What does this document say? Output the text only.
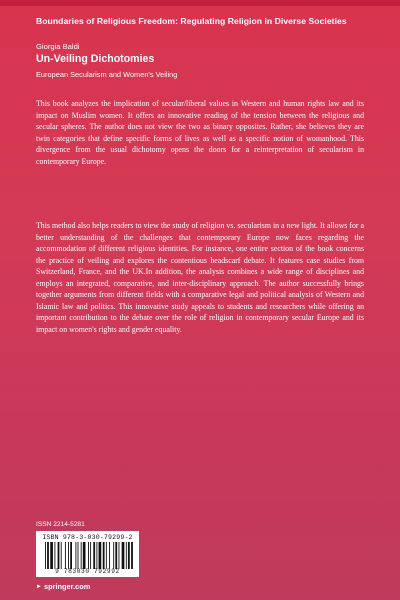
Boundaries of Religious Freedom: Regulating Religion in Diverse Societies
Giorgia Baldi
Un-Veiling Dichotomies
European Secularism and Women's Veiling
This book analyzes the implication of secular/liberal values in Western and human rights law and its impact on Muslim women. It offers an innovative reading of the tension between the religious and secular spheres. The author does not view the two as binary opposites. Rather, she believes they are twin categories that define specific forms of lives as well as a specific notion of womanhood. This divergence from the usual dichotomy opens the doors for a reinterpretation of secularism in contemporary Europe.
This method also helps readers to view the study of religion vs. secularism in a new light. It allows for a better understanding of the challenges that contemporary Europe now faces regarding the accommodation of different religious identities. For instance, one entire section of the book concerns the practice of veiling and explores the contentious headscarf debate. It features case studies from Switzerland, France, and the UK.In addition, the analysis combines a wide range of disciplines and employs an integrated, comparative, and inter-disciplinary approach. The author successfully brings together arguments from different fields with a comparative legal and political analysis of Western and Islamic law and politics. This innovative study appeals to students and researchers while offering an important contribution to the debate over the role of religion in contemporary secular Europe and its impact on women's rights and gender equality.
ISSN 2214-5281
ISBN 978-3-030-79299-2
9 783030 792992
► springer.com
